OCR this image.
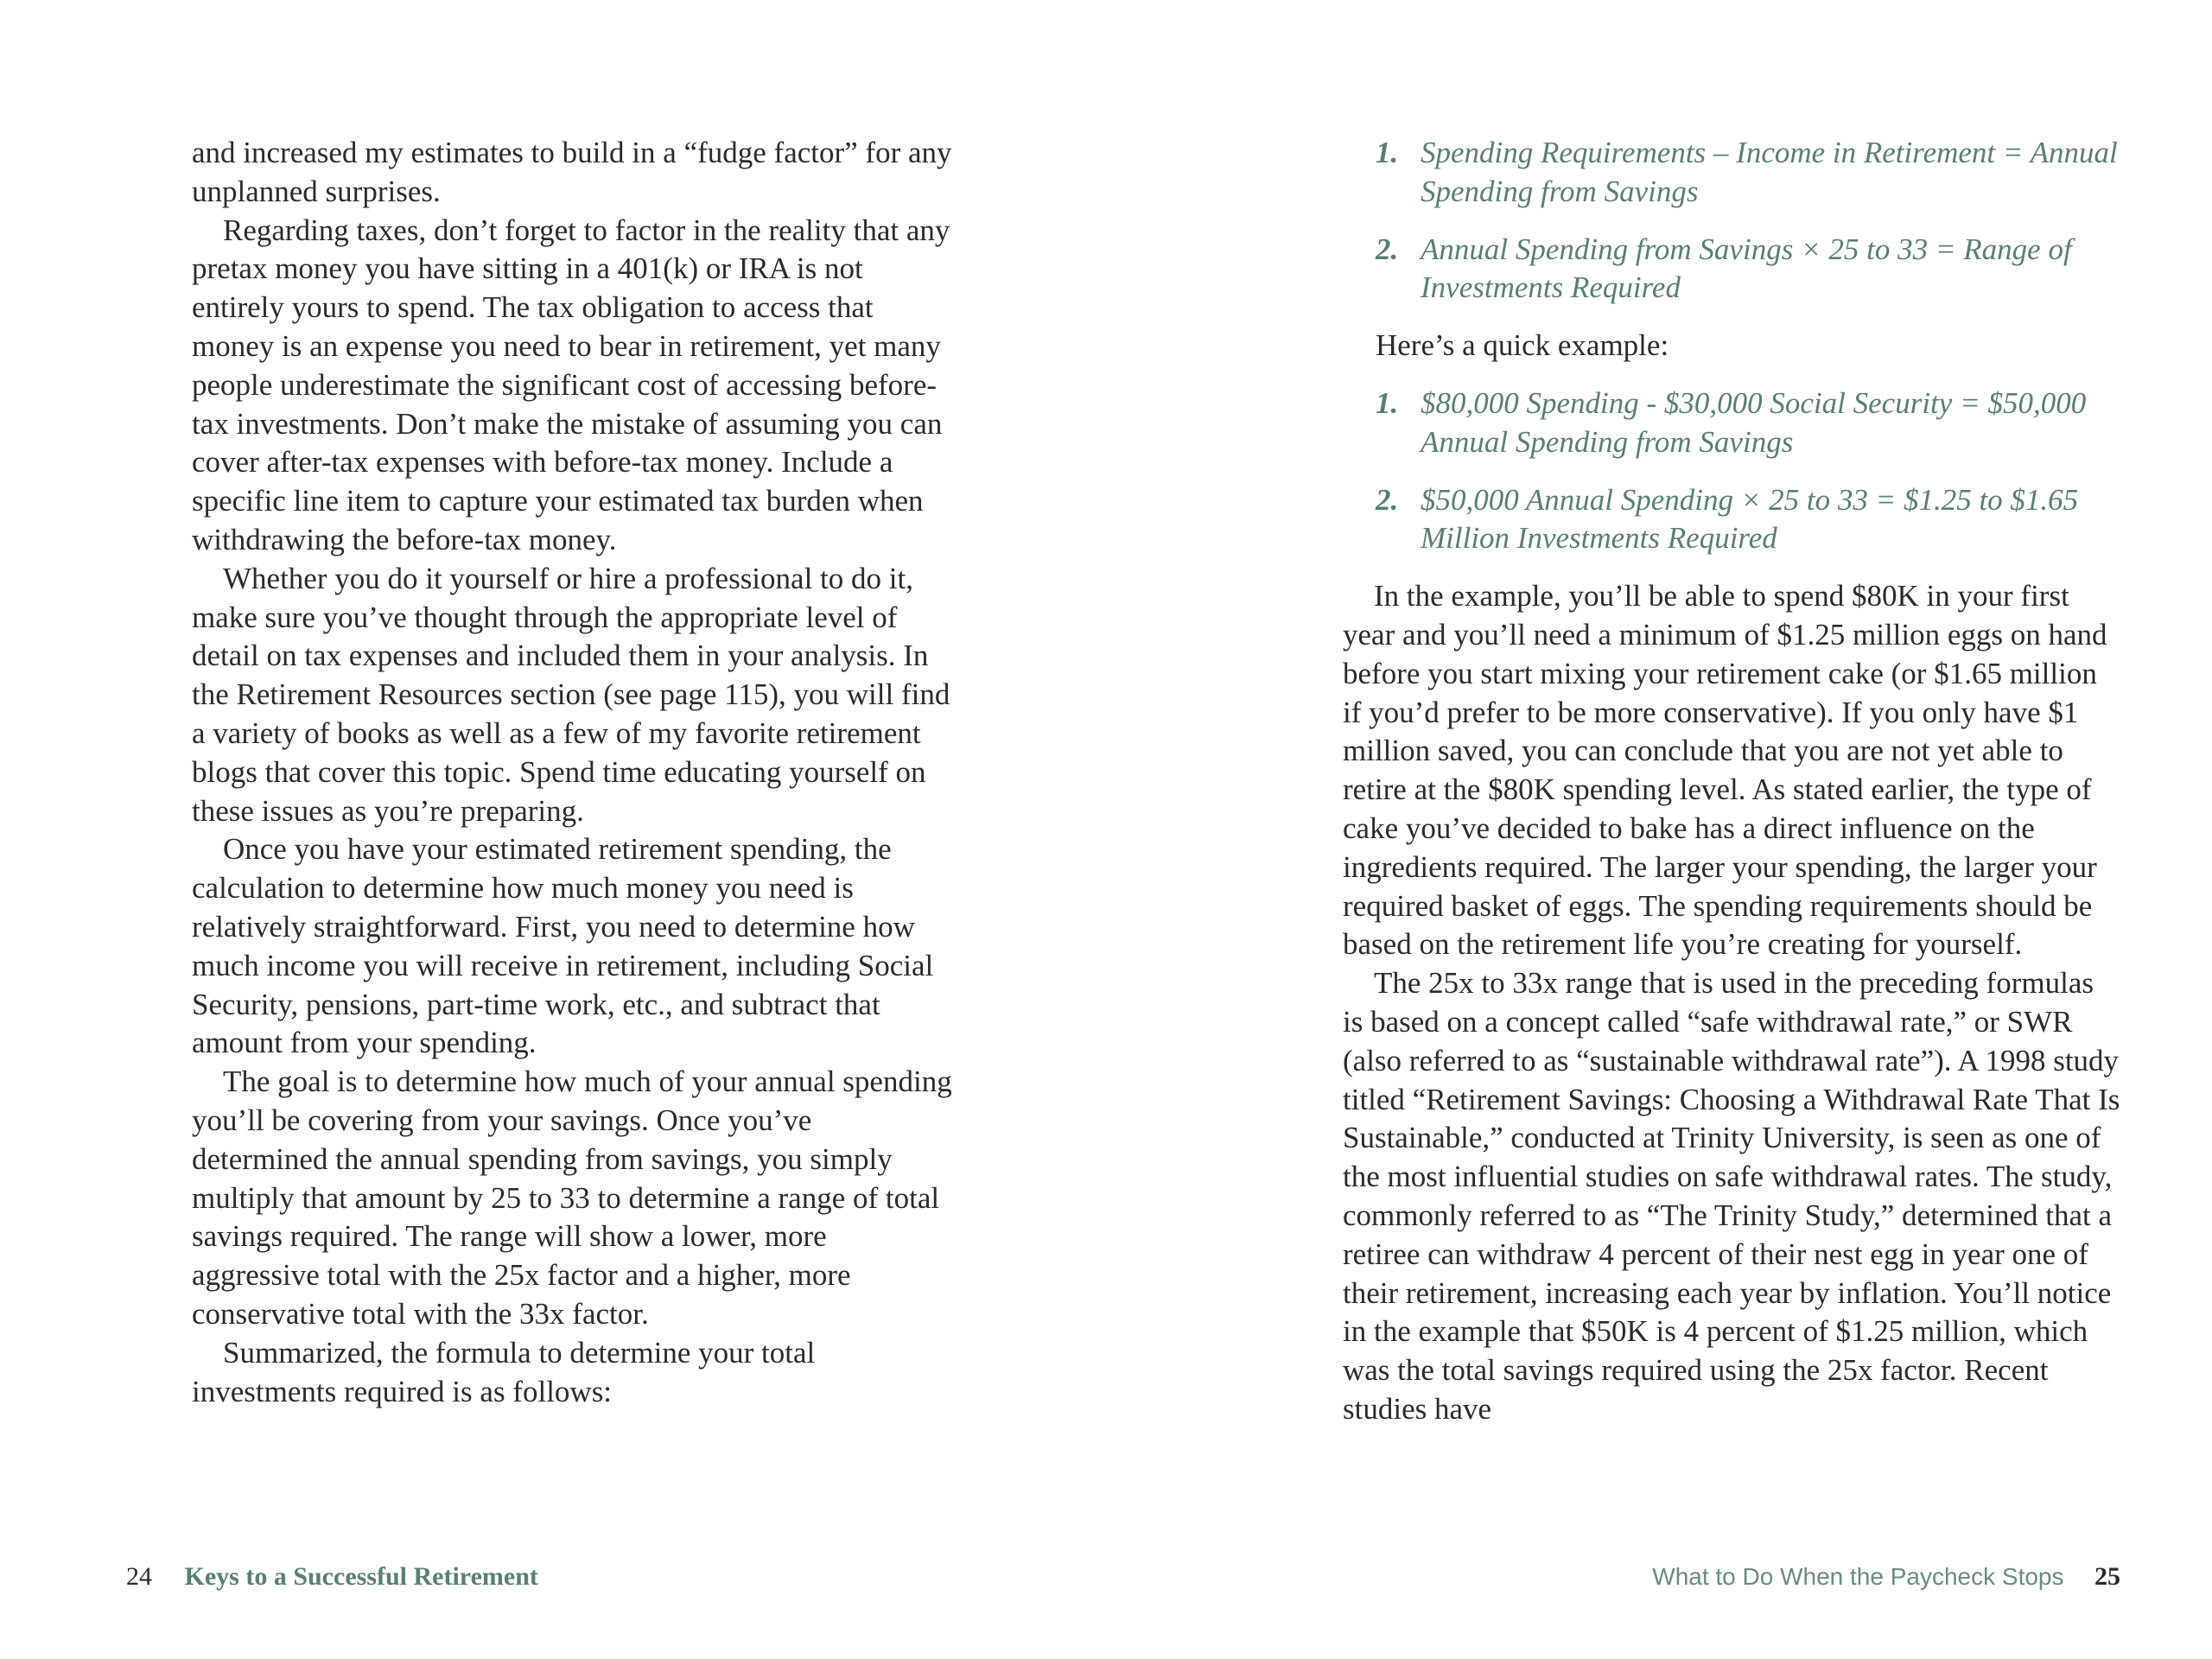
and increased my estimates to build in a “fudge factor” for any unplanned surprises.

Regarding taxes, don’t forget to factor in the reality that any pretax money you have sitting in a 401(k) or IRA is not entirely yours to spend. The tax obligation to access that money is an expense you need to bear in retirement, yet many people underestimate the significant cost of accessing before-tax investments. Don’t make the mistake of assuming you can cover after-tax expenses with before-tax money. Include a specific line item to capture your estimated tax burden when withdrawing the before-tax money.

Whether you do it yourself or hire a professional to do it, make sure you’ve thought through the appropriate level of detail on tax expenses and included them in your analysis. In the Retirement Resources section (see page 115), you will find a variety of books as well as a few of my favorite retirement blogs that cover this topic. Spend time educating yourself on these issues as you’re preparing.

Once you have your estimated retirement spending, the calculation to determine how much money you need is relatively straightforward. First, you need to determine how much income you will receive in retirement, including Social Security, pensions, part-time work, etc., and subtract that amount from your spending.

The goal is to determine how much of your annual spending you’ll be covering from your savings. Once you’ve determined the annual spending from savings, you simply multiply that amount by 25 to 33 to determine a range of total savings required. The range will show a lower, more aggressive total with the 25x factor and a higher, more conservative total with the 33x factor.

Summarized, the formula to determine your total investments required is as follows:

1. Spending Requirements – Income in Retirement = Annual Spending from Savings
2. Annual Spending from Savings × 25 to 33 = Range of Investments Required

Here’s a quick example:

1. $80,000 Spending - $30,000 Social Security = $50,000 Annual Spending from Savings
2. $50,000 Annual Spending × 25 to 33 = $1.25 to $1.65 Million Investments Required

In the example, you’ll be able to spend $80K in your first year and you’ll need a minimum of $1.25 million eggs on hand before you start mixing your retirement cake (or $1.65 million if you’d prefer to be more conservative). If you only have $1 million saved, you can conclude that you are not yet able to retire at the $80K spending level. As stated earlier, the type of cake you’ve decided to bake has a direct influence on the ingredients required. The larger your spending, the larger your required basket of eggs. The spending requirements should be based on the retirement life you’re creating for yourself.

The 25x to 33x range that is used in the preceding formulas is based on a concept called “safe withdrawal rate,” or SWR (also referred to as “sustainable withdrawal rate”). A 1998 study titled “Retirement Savings: Choosing a Withdrawal Rate That Is Sustainable,” conducted at Trinity University, is seen as one of the most influential studies on safe withdrawal rates. The study, commonly referred to as “The Trinity Study,” determined that a retiree can withdraw 4 percent of their nest egg in year one of their retirement, increasing each year by inflation. You’ll notice in the example that $50K is 4 percent of $1.25 million, which was the total savings required using the 25x factor. Recent studies have

24 Keys to a Successful Retirement	What to Do When the Paycheck Stops 25
